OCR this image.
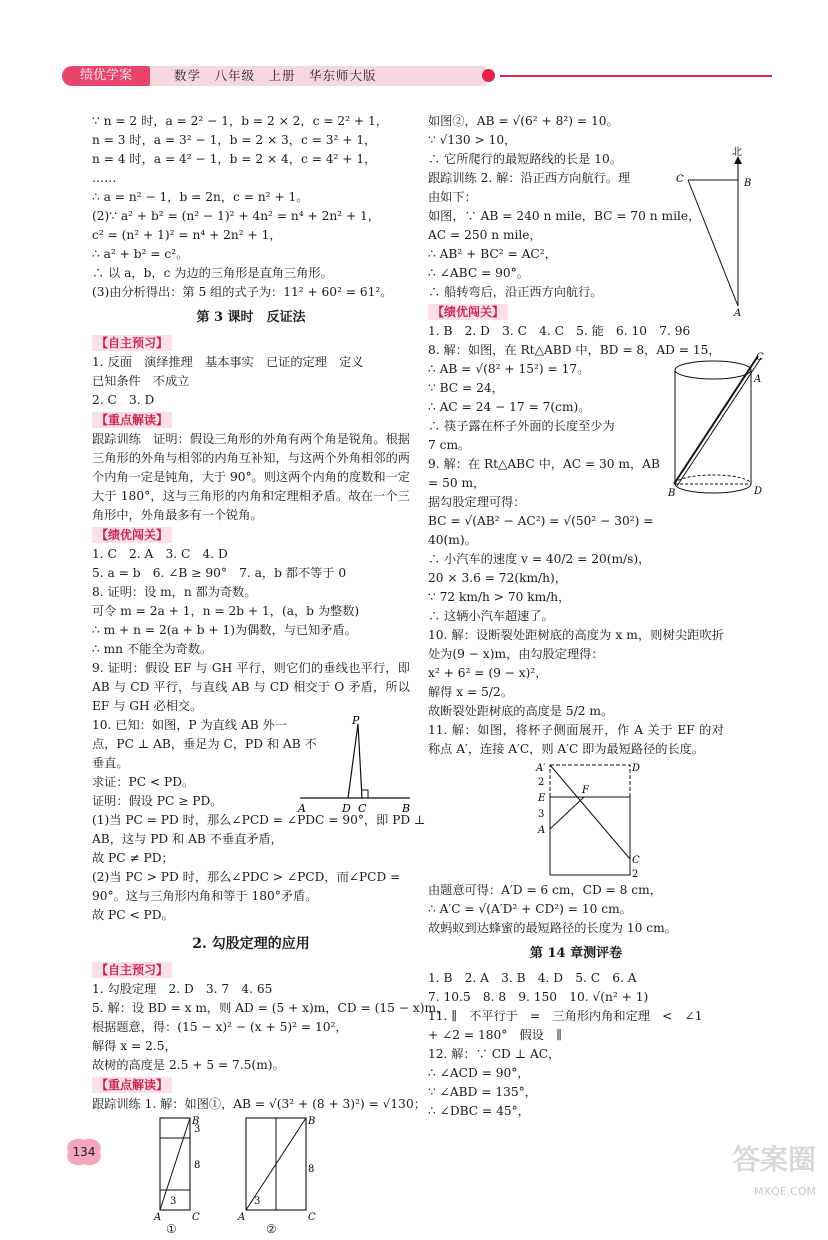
绩优学案	数学　八年级　上册　华东师大版

∵ n = 2 时，a = 2² − 1，b = 2 × 2，c = 2² + 1，

n = 3 时，a = 3² − 1，b = 2 × 3，c = 3² + 1，

n = 4 时，a = 4² − 1，b = 2 × 4，c = 4² + 1，

……

∴ a = n² − 1，b = 2n，c = n² + 1。

(2)∵ a² + b² = (n² − 1)² + 4n² = n⁴ + 2n² + 1，

c² = (n² + 1)² = n⁴ + 2n² + 1，

∴ a² + b² = c²。

∴ 以 a，b，c 为边的三角形是直角三角形。

(3)由分析得出：第 5 组的式子为：11² + 60² = 61²。

第 3 课时　反证法

【自主预习】

1. 反面　演绎推理　基本事实　已证的定理　定义

已知条件　不成立

2. C　3. D

【重点解读】

跟踪训练　证明：假设三角形的外角有两个角是锐角。根据三角形的外角与相邻的内角互补知，与这两个外角相邻的两个内角一定是钝角，大于 90°。则这两个内角的度数和一定大于 180°，这与三角形的内角和定理相矛盾。故在一个三角形中，外角最多有一个锐角。

【绩优闯关】

1. C　2. A　3. C　4. D

5. a = b　6. ∠B ≥ 90°　7. a，b 都不等于 0

8. 证明：设 m，n 都为奇数。

可令 m = 2a + 1，n = 2b + 1，(a，b 为整数)

∴ m + n = 2(a + b + 1)为偶数，与已知矛盾。

∴ mn 不能全为奇数。

9. 证明：假设 EF 与 GH 平行，则它们的垂线也平行，即 AB 与 CD 平行，与直线 AB 与 CD 相交于 O 矛盾，所以 EF 与 GH 必相交。

10. 已知：如图，P 为直线 AB 外一

点，PC ⊥ AB，垂足为 C，PD 和 AB 不

垂直。

求证：PC < PD。

证明：假设 PC ≥ PD。

(1)当 PC = PD 时，那么∠PCD = ∠PDC = 90°，即 PD ⊥

AB，这与 PD 和 AB 不垂直矛盾，

故 PC ≠ PD；

(2)当 PC > PD 时，那么∠PDC > ∠PCD，而∠PCD =

90°。这与三角形内角和等于 180°矛盾。

故 PC < PD。

P
A	D C	B

2. 勾股定理的应用

【自主预习】

1. 勾股定理　2. D　3. 7　4. 65

5. 解：设 BD = x m，则 AD = (5 + x)m，CD = (15 − x)m，

根据题意，得：(15 − x)² − (x + 5)² = 10²，

解得 x = 2.5，

故树的高度是 2.5 + 5 = 7.5(m)。

【重点解读】

跟踪训练 1. 解：如图①，AB = √(3² + (8 + 3)²) = √130；

B
3
8
3
A	C
B
8
3
A	C
①	②

如图②，AB = √(6² + 8²) = 10。

∵ √130 > 10，

∴ 它所爬行的最短路线的长是 10。

跟踪训练 2. 解：沿正西方向航行。理

由如下：

如图，∵ AB = 240 n mile，BC = 70 n mile，

AC = 250 n mile，

∴ AB² + BC² = AC²，

∴ ∠ABC = 90°。

∴ 船转弯后，沿正西方向航行。

北
C	B
A

【绩优闯关】

1. B　2. D　3. C　4. C　5. 能　6. 10　7. 96

8. 解：如图，在 Rt△ABD 中，BD = 8，AD = 15，

∴ AB = √(8² + 15²) = 17。

∵ BC = 24，

∴ AC = 24 − 17 = 7(cm)。

∴ 筷子露在杯子外面的长度至少为

7 cm。

9. 解：在 Rt△ABC 中，AC = 30 m，AB

= 50 m，

据勾股定理可得：

BC = √(AB² − AC²) = √(50² − 30²) =

40(m)。

∴ 小汽车的速度 v = 40/2 = 20(m/s)，

20 × 3.6 = 72(km/h)，

∵ 72 km/h > 70 km/h，

∴ 这辆小汽车超速了。

C
A
B	D

10. 解：设断裂处距树底的高度为 x m，则树尖距吹折处为(9 − x)m，由勾股定理得：

x² + 6² = (9 − x)²，

解得 x = 5/2。

故断裂处距树底的高度是 5/2 m。

11. 解：如图，将杯子侧面展开，作 A 关于 EF 的对称点 A′，连接 A′C，则 A′C 即为最短路径的长度。

A′
2
D
E
F
3
A
C
2

由题意可得：A′D = 6 cm，CD = 8 cm，

∴ A′C = √(A′D² + CD²) = 10 cm。

故蚂蚁到达蜂蜜的最短路径的长度为 10 cm。

第 14 章测评卷

1. B　2. A　3. B　4. D　5. C　6. A

7. 10.5　8. 8　9. 150　10. √(n² + 1)

11. ∥　不平行于　=　三角形内角和定理　<　∠1

+ ∠2 = 180°　假设　∥

12. 解：∵ CD ⊥ AC，

∴ ∠ACD = 90°，

∵ ∠ABD = 135°，

∴ ∠DBC = 45°，

134	答案圈
MXQE.COM
